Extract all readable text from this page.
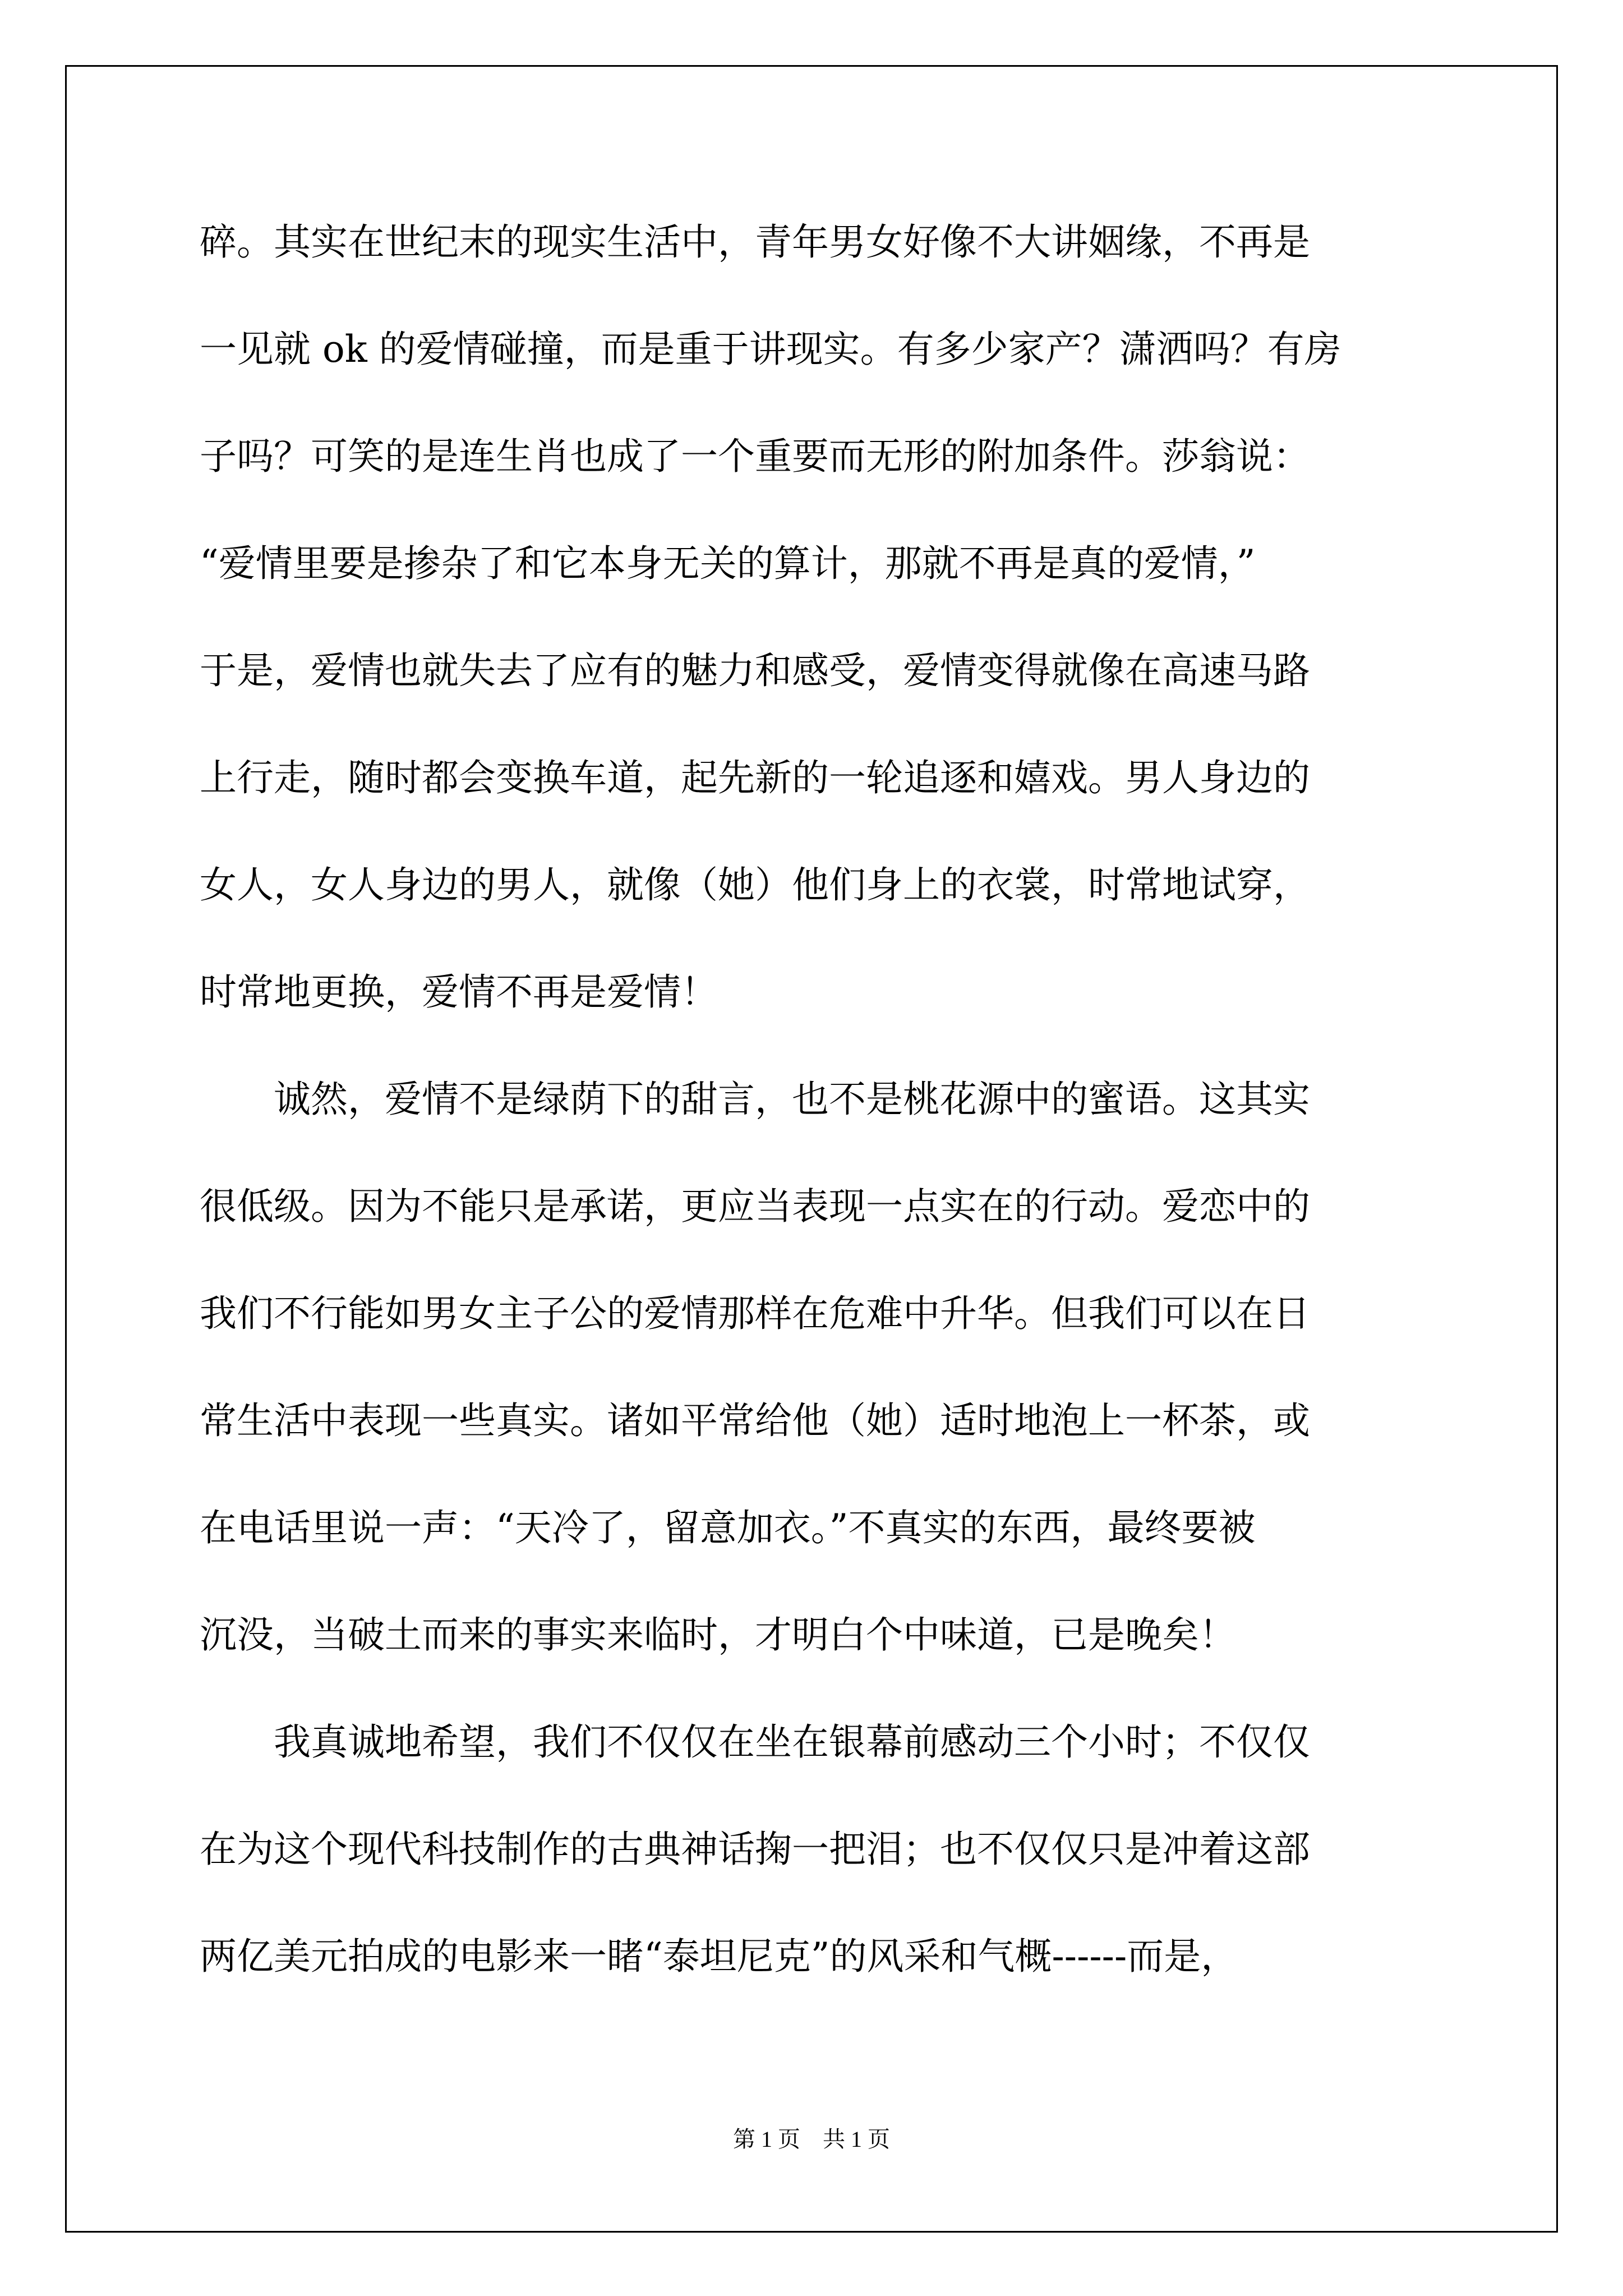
碎。其实在世纪末的现实生活中，青年男女好像不大讲姻缘，不再是
一见就 ok 的爱情碰撞，而是重于讲现实。有多少家产？潇洒吗？有房
子吗？可笑的是连生肖也成了一个重要而无形的附加条件。莎翁说：
“爱情里要是掺杂了和它本身无关的算计，那就不再是真的爱情，”
于是，爱情也就失去了应有的魅力和感受，爱情变得就像在高速马路
上行走，随时都会变换车道，起先新的一轮追逐和嬉戏。男人身边的
女人，女人身边的男人，就像（她）他们身上的衣裳，时常地试穿，
时常地更换，爱情不再是爱情！
诚然，爱情不是绿荫下的甜言，也不是桃花源中的蜜语。这其实
很低级。因为不能只是承诺，更应当表现一点实在的行动。爱恋中的
我们不行能如男女主子公的爱情那样在危难中升华。但我们可以在日
常生活中表现一些真实。诸如平常给他（她）适时地泡上一杯茶，或
在电话里说一声：“天冷了，留意加衣。”不真实的东西，最终要被
沉没，当破土而来的事实来临时，才明白个中味道，已是晚矣！
我真诚地希望，我们不仅仅在坐在银幕前感动三个小时；不仅仅
在为这个现代科技制作的古典神话掬一把泪；也不仅仅只是冲着这部
两亿美元拍成的电影来一睹“泰坦尼克”的风采和气概------而是，
第 1 页　共 1 页
